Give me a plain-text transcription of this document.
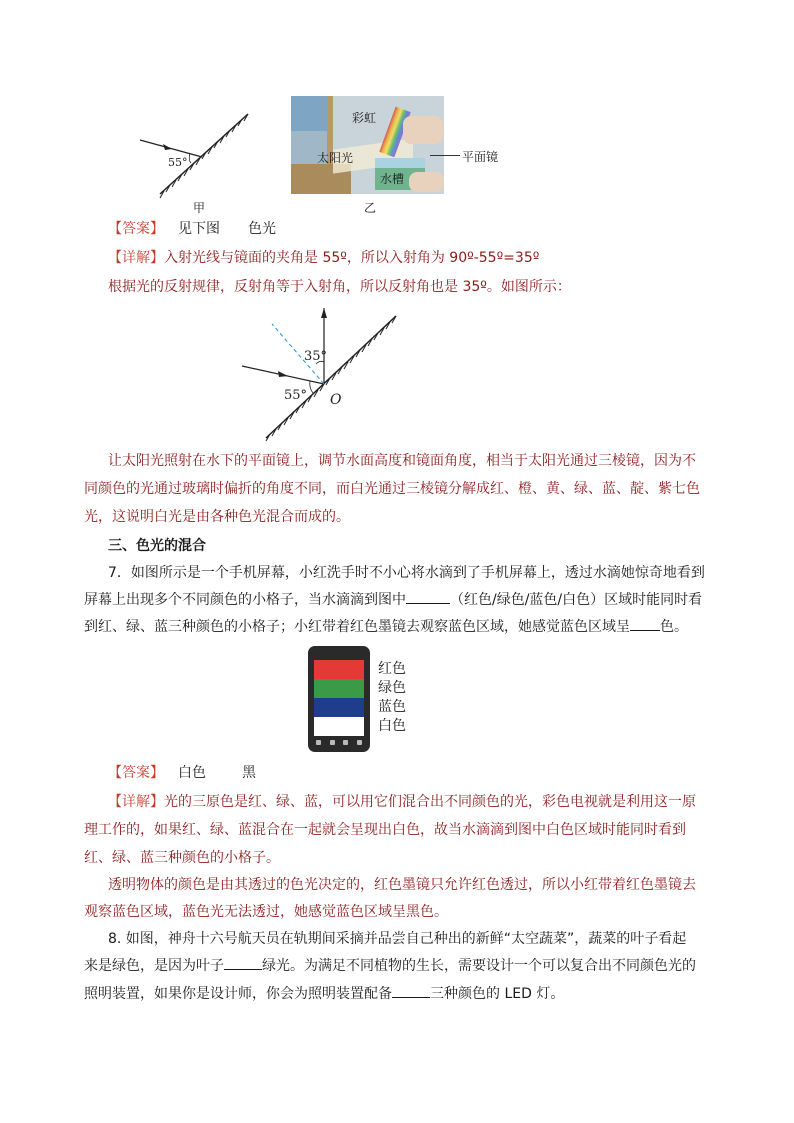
55°
甲
彩虹
太阳光
水槽
平面镜
乙
【答案】 见下图 色光
【详解】入射光线与镜面的夹角是 55º，所以入射角为 90º-55º=35º
根据光的反射规律，反射角等于入射角，所以反射角也是 35º。如图所示：
35°
55° O
让太阳光照射在水下的平面镜上，调节水面高度和镜面角度，相当于太阳光通过三棱镜，因为不
同颜色的光通过玻璃时偏折的角度不同，而白光通过三棱镜分解成红、橙、黄、绿、蓝、靛、紫七色
光，这说明白光是由各种色光混合而成的。
三、色光的混合
7．如图所示是一个手机屏幕，小红洗手时不小心将水滴到了手机屏幕上，透过水滴她惊奇地看到
屏幕上出现多个不同颜色的小格子，当水滴滴到图中	（红色/绿色/蓝色/白色）区域时能同时看
到红、绿、蓝三种颜色的小格子；小红带着红色墨镜去观察蓝色区域，她感觉蓝色区域呈 色。
红色
绿色
蓝色
白色
【答案】 白色	黑
【详解】光的三原色是红、绿、蓝，可以用它们混合出不同颜色的光，彩色电视就是利用这一原
理工作的，如果红、绿、蓝混合在一起就会呈现出白色，故当水滴滴到图中白色区域时能同时看到
红、绿、蓝三种颜色的小格子。
透明物体的颜色是由其透过的色光决定的，红色墨镜只允许红色透过，所以小红带着红色墨镜去
观察蓝色区域，蓝色光无法透过，她感觉蓝色区域呈黑色。
8. 如图，神舟十六号航天员在轨期间采摘并品尝自己种出的新鲜“太空蔬菜”，蔬菜的叶子看起
来是绿色，是因为叶子	绿光。为满足不同植物的生长，需要设计一个可以复合出不同颜色光的
照明装置，如果你是设计师，你会为照明装置配备	三种颜色的 LED 灯。
